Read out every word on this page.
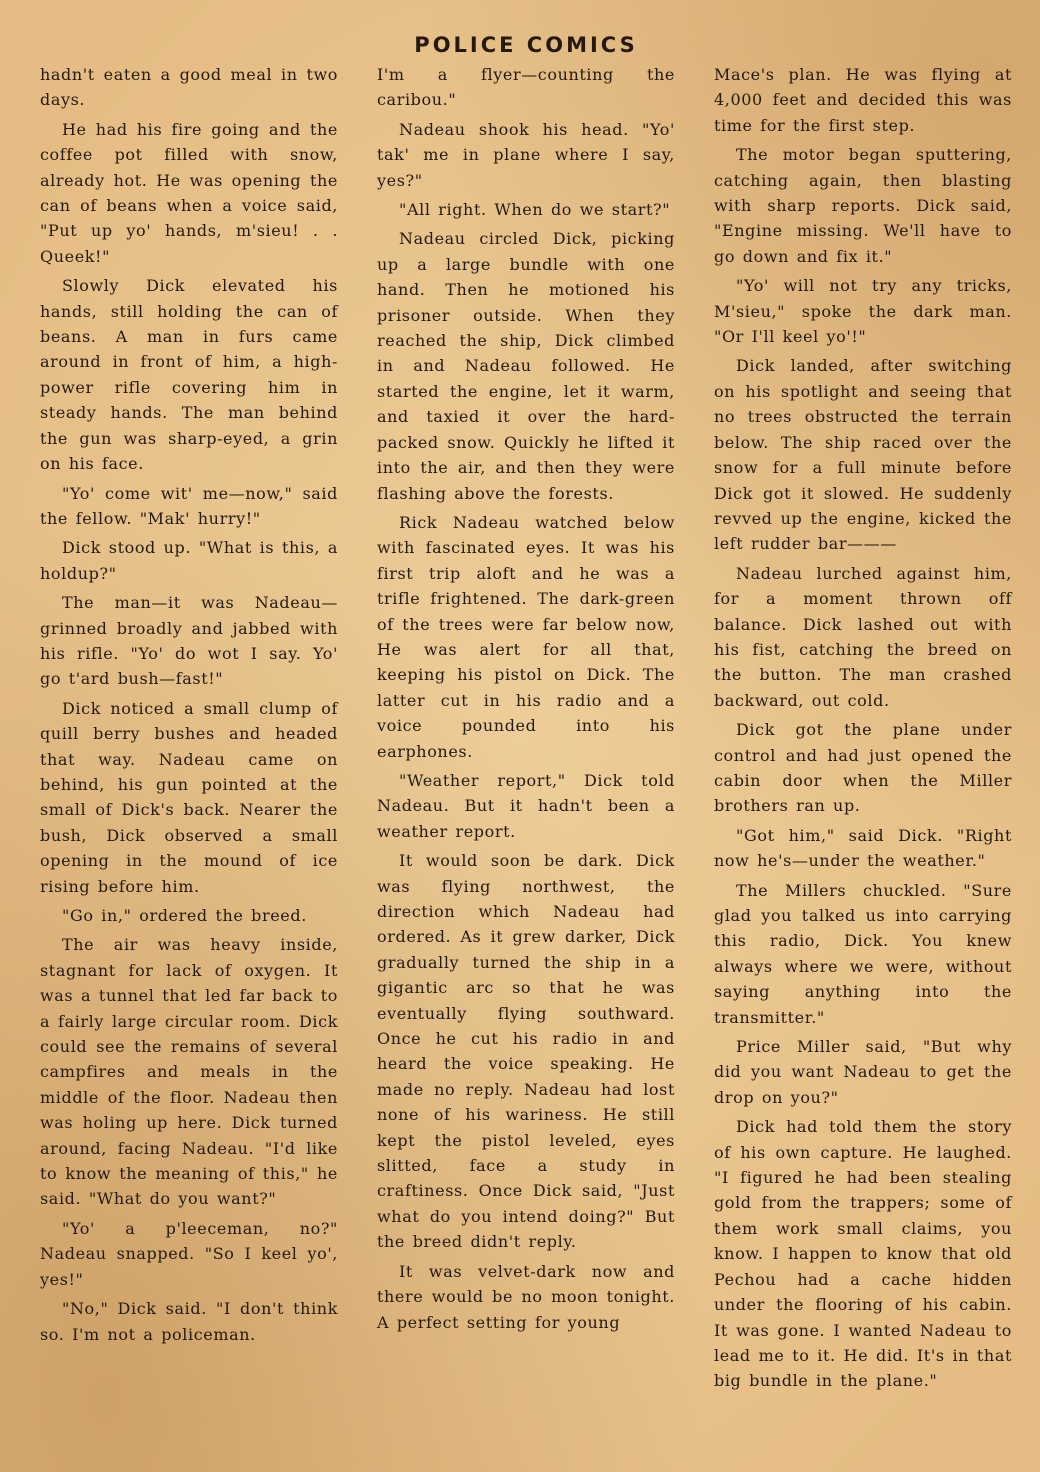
POLICE COMICS

hadn't eaten a good meal in two days.

He had his fire going and the coffee pot filled with snow, already hot. He was opening the can of beans when a voice said, "Put up yo' hands, m'sieu! . . Queek!"

Slowly Dick elevated his hands, still holding the can of beans. A man in furs came around in front of him, a high-power rifle covering him in steady hands. The man behind the gun was sharp-eyed, a grin on his face.

"Yo' come wit' me—now," said the fellow. "Mak' hurry!"

Dick stood up. "What is this, a holdup?"

The man—it was Nadeau—grinned broadly and jabbed with his rifle. "Yo' do wot I say. Yo' go t'ard bush—fast!"

Dick noticed a small clump of quill berry bushes and headed that way. Nadeau came on behind, his gun pointed at the small of Dick's back. Nearer the bush, Dick observed a small opening in the mound of ice rising before him.

"Go in," ordered the breed.

The air was heavy inside, stagnant for lack of oxygen. It was a tunnel that led far back to a fairly large circular room. Dick could see the remains of several campfires and meals in the middle of the floor. Nadeau then was holing up here. Dick turned around, facing Nadeau. "I'd like to know the meaning of this," he said. "What do you want?"

"Yo' a p'leeceman, no?" Nadeau snapped. "So I keel yo', yes!"

"No," Dick said. "I don't think so. I'm not a policeman.

I'm a flyer—counting the caribou."

Nadeau shook his head. "Yo' tak' me in plane where I say, yes?"

"All right. When do we start?"

Nadeau circled Dick, picking up a large bundle with one hand. Then he motioned his prisoner outside. When they reached the ship, Dick climbed in and Nadeau followed. He started the engine, let it warm, and taxied it over the hard-packed snow. Quickly he lifted it into the air, and then they were flashing above the forests.

Rick Nadeau watched below with fascinated eyes. It was his first trip aloft and he was a trifle frightened. The dark-green of the trees were far below now, He was alert for all that, keeping his pistol on Dick. The latter cut in his radio and a voice pounded into his earphones.

"Weather report," Dick told Nadeau. But it hadn't been a weather report.

It would soon be dark. Dick was flying northwest, the direction which Nadeau had ordered. As it grew darker, Dick gradually turned the ship in a gigantic arc so that he was eventually flying southward. Once he cut his radio in and heard the voice speaking. He made no reply. Nadeau had lost none of his wariness. He still kept the pistol leveled, eyes slitted, face a study in craftiness. Once Dick said, "Just what do you intend doing?" But the breed didn't reply.

It was velvet-dark now and there would be no moon tonight. A perfect setting for young

Mace's plan. He was flying at 4,000 feet and decided this was time for the first step.

The motor began sputtering, catching again, then blasting with sharp reports. Dick said, "Engine missing. We'll have to go down and fix it."

"Yo' will not try any tricks, M'sieu," spoke the dark man. "Or I'll keel yo'!"

Dick landed, after switching on his spotlight and seeing that no trees obstructed the terrain below. The ship raced over the snow for a full minute before Dick got it slowed. He suddenly revved up the engine, kicked the left rudder bar———

Nadeau lurched against him, for a moment thrown off balance. Dick lashed out with his fist, catching the breed on the button. The man crashed backward, out cold.

Dick got the plane under control and had just opened the cabin door when the Miller brothers ran up.

"Got him," said Dick. "Right now he's—under the weather."

The Millers chuckled. "Sure glad you talked us into carrying this radio, Dick. You knew always where we were, without saying anything into the transmitter."

Price Miller said, "But why did you want Nadeau to get the drop on you?"

Dick had told them the story of his own capture. He laughed. "I figured he had been stealing gold from the trappers; some of them work small claims, you know. I happen to know that old Pechou had a cache hidden under the flooring of his cabin. It was gone. I wanted Nadeau to lead me to it. He did. It's in that big bundle in the plane."
